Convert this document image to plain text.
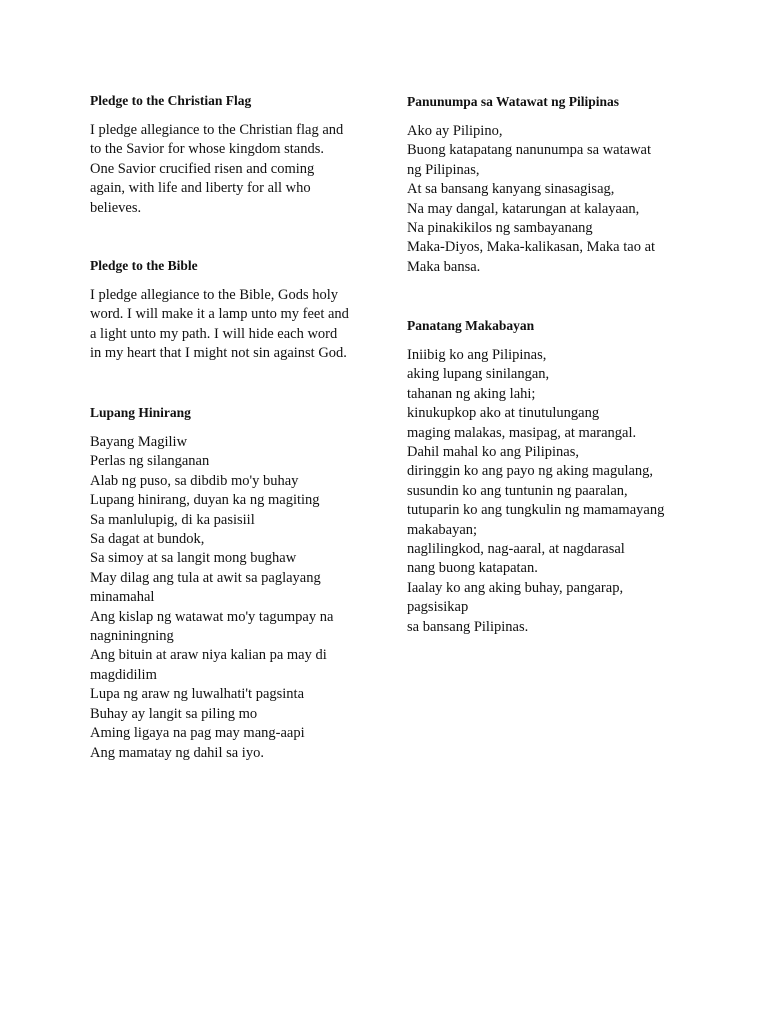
Pledge to the Christian Flag

I pledge allegiance to the Christian flag and
to the Savior for whose kingdom stands.
One Savior crucified risen and coming
again, with life and liberty for all who
believes.

Pledge to the Bible

I pledge allegiance to the Bible, Gods holy
word. I will make it a lamp unto my feet and
a light unto my path. I will hide each word
in my heart that I might not sin against God.

Lupang Hinirang

Bayang Magiliw
Perlas ng silanganan
Alab ng puso, sa dibdib mo'y buhay
Lupang hinirang, duyan ka ng magiting
Sa manlulupig, di ka pasisiil
Sa dagat at bundok,
Sa simoy at sa langit mong bughaw
May dilag ang tula at awit sa paglayang
minamahal
Ang kislap ng watawat mo'y tagumpay na
nagniningning
Ang bituin at araw niya kalian pa may di
magdidilim
Lupa ng araw ng luwalhati't pagsinta
Buhay ay langit sa piling mo
Aming ligaya na pag may mang-aapi
Ang mamatay ng dahil sa iyo.

Panunumpa sa Watawat ng Pilipinas

Ako ay Pilipino,
Buong katapatang nanunumpa sa watawat
ng Pilipinas,
At sa bansang kanyang sinasagisag,
Na may dangal, katarungan at kalayaan,
Na pinakikilos ng sambayanang
Maka-Diyos, Maka-kalikasan, Maka tao at
Maka bansa.

Panatang Makabayan

Iniibig ko ang Pilipinas,
aking lupang sinilangan,
tahanan ng aking lahi;
kinukupkop ako at tinutulungang
maging malakas, masipag, at marangal.
Dahil mahal ko ang Pilipinas,
diringgin ko ang payo ng aking magulang,
susundin ko ang tuntunin ng paaralan,
tutuparin ko ang tungkulin ng mamamayang
makabayan;
naglilingkod, nag-aaral, at nagdarasal
nang buong katapatan.
Iaalay ko ang aking buhay, pangarap,
pagsisikap
sa bansang Pilipinas.
